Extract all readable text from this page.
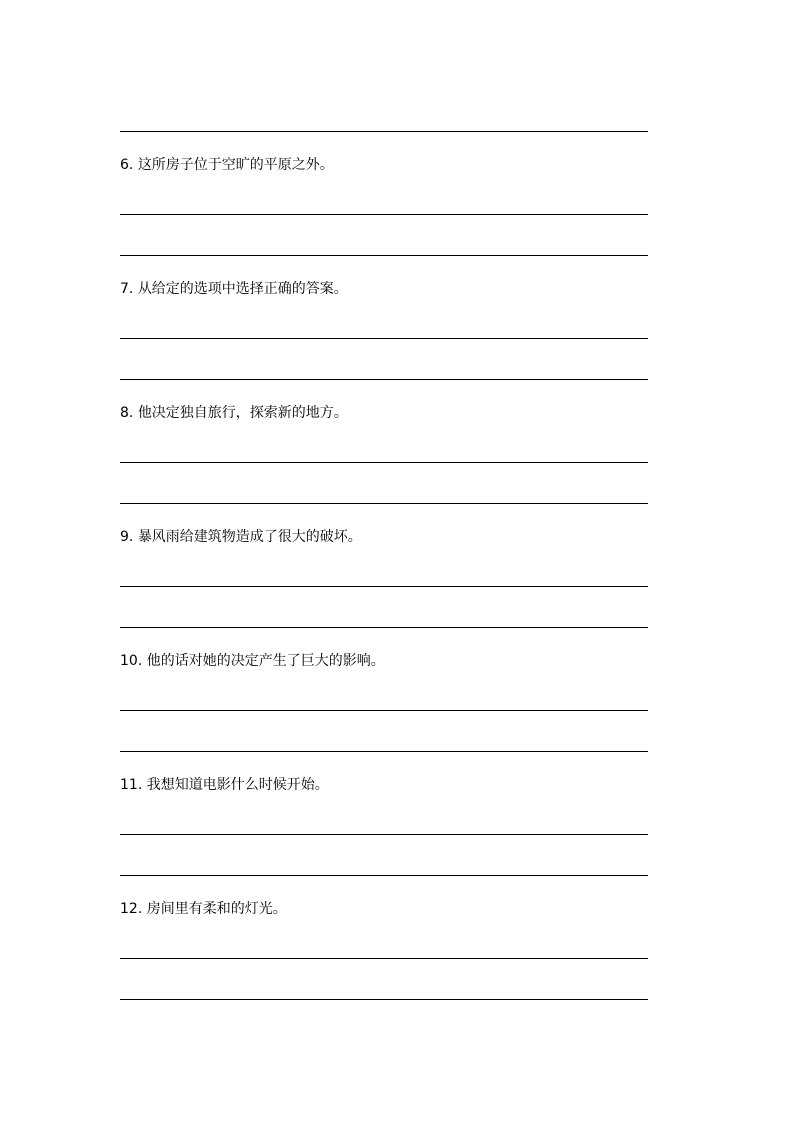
6. 这所房子位于空旷的平原之外。
7. 从给定的选项中选择正确的答案。
8. 他决定独自旅行，探索新的地方。
9. 暴风雨给建筑物造成了很大的破坏。
10. 他的话对她的决定产生了巨大的影响。
11. 我想知道电影什么时候开始。
12. 房间里有柔和的灯光。
